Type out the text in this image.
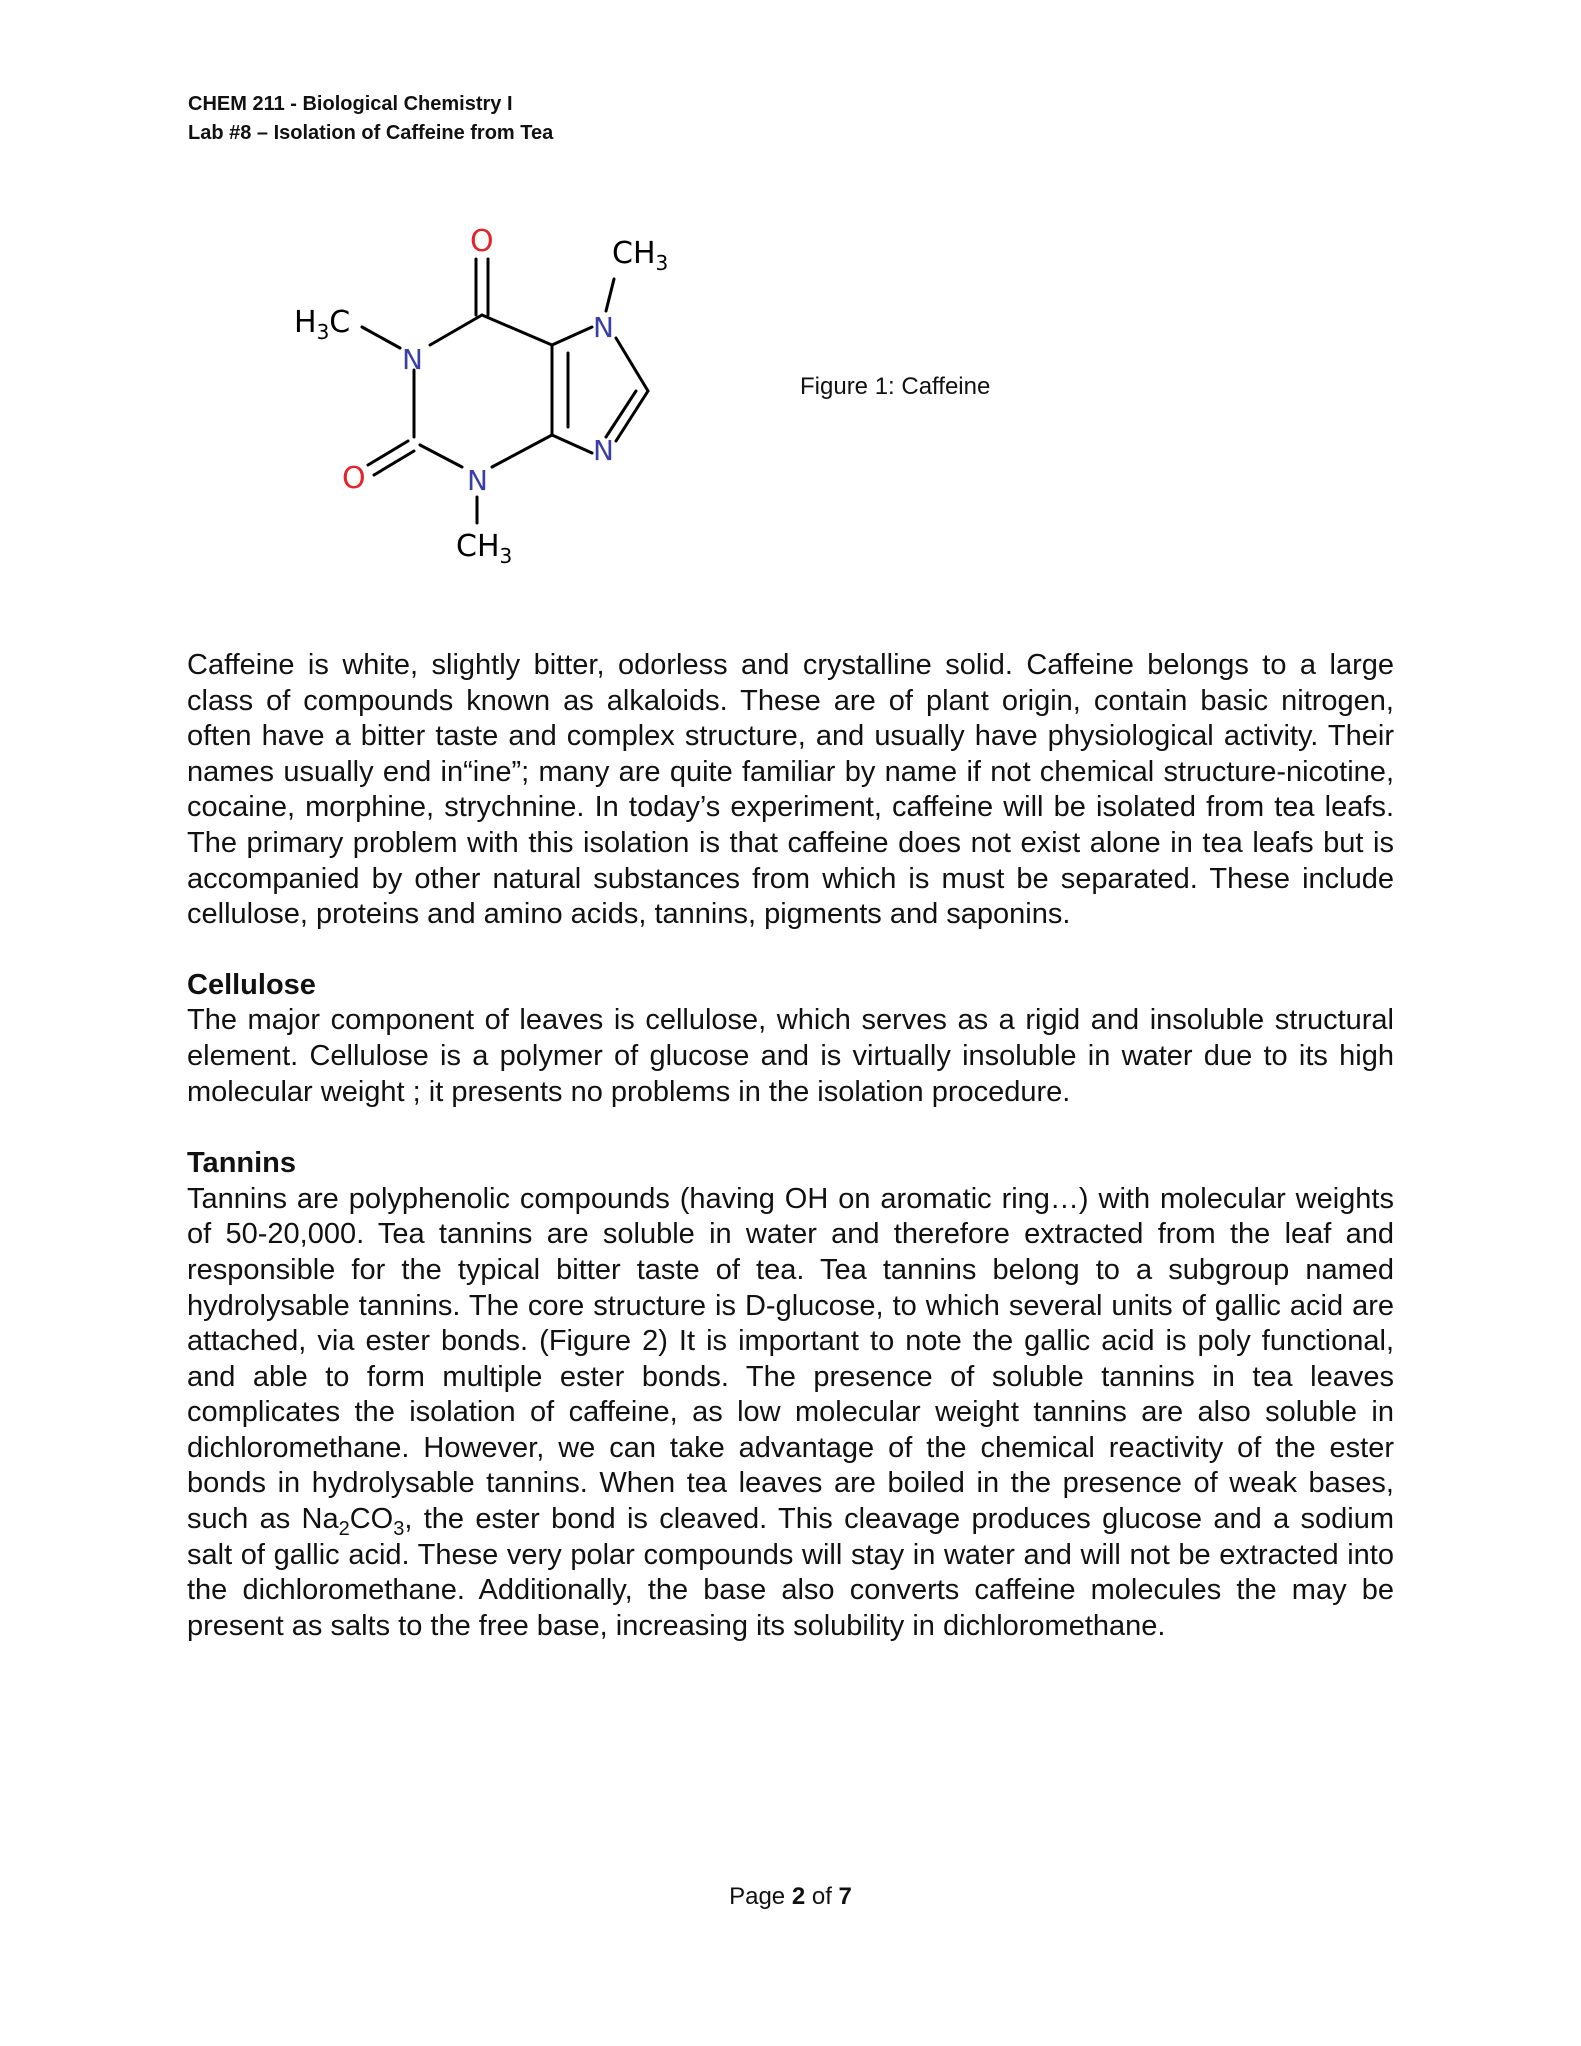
CHEM 211 - Biological Chemistry I
Lab #8 – Isolation of Caffeine from Tea
O
O
N
N
N
N
$H_3C$
$CH_3$
$CH_3$
Figure 1: Caffeine

Caffeine is white, slightly bitter, odorless and crystalline solid. Caffeine belongs to a large class of compounds known as alkaloids. These are of plant origin, contain basic nitrogen, often have a bitter taste and complex structure, and usually have physiological activity. Their names usually end in“ine”; many are quite familiar by name if not chemical structure-nicotine, cocaine, morphine, strychnine. In today’s experiment, caffeine will be isolated from tea leafs. The primary problem with this isolation is that caffeine does not exist alone in tea leafs but is accompanied by other natural substances from which is must be separated. These include cellulose, proteins and amino acids, tannins, pigments and saponins.

Cellulose

The major component of leaves is cellulose, which serves as a rigid and insoluble structural element. Cellulose is a polymer of glucose and is virtually insoluble in water due to its high molecular weight ; it presents no problems in the isolation procedure.

Tannins

Tannins are polyphenolic compounds (having OH on aromatic ring…) with molecular weights of 50-20,000. Tea tannins are soluble in water and therefore extracted from the leaf and responsible for the typical bitter taste of tea. Tea tannins belong to a subgroup named hydrolysable tannins. The core structure is D-glucose, to which several units of gallic acid are attached, via ester bonds. (Figure 2) It is important to note the gallic acid is poly functional, and able to form multiple ester bonds. The presence of soluble tannins in tea leaves complicates the isolation of caffeine, as low molecular weight tannins are also soluble in dichloromethane. However, we can take advantage of the chemical reactivity of the ester bonds in hydrolysable tannins. When tea leaves are boiled in the presence of weak bases, such as $Na_2CO_3$, the ester bond is cleaved. This cleavage produces glucose and a sodium salt of gallic acid. These very polar compounds will stay in water and will not be extracted into the dichloromethane. Additionally, the base also converts caffeine molecules the may be present as salts to the free base, increasing its solubility in dichloromethane.

Page 2 of 7
